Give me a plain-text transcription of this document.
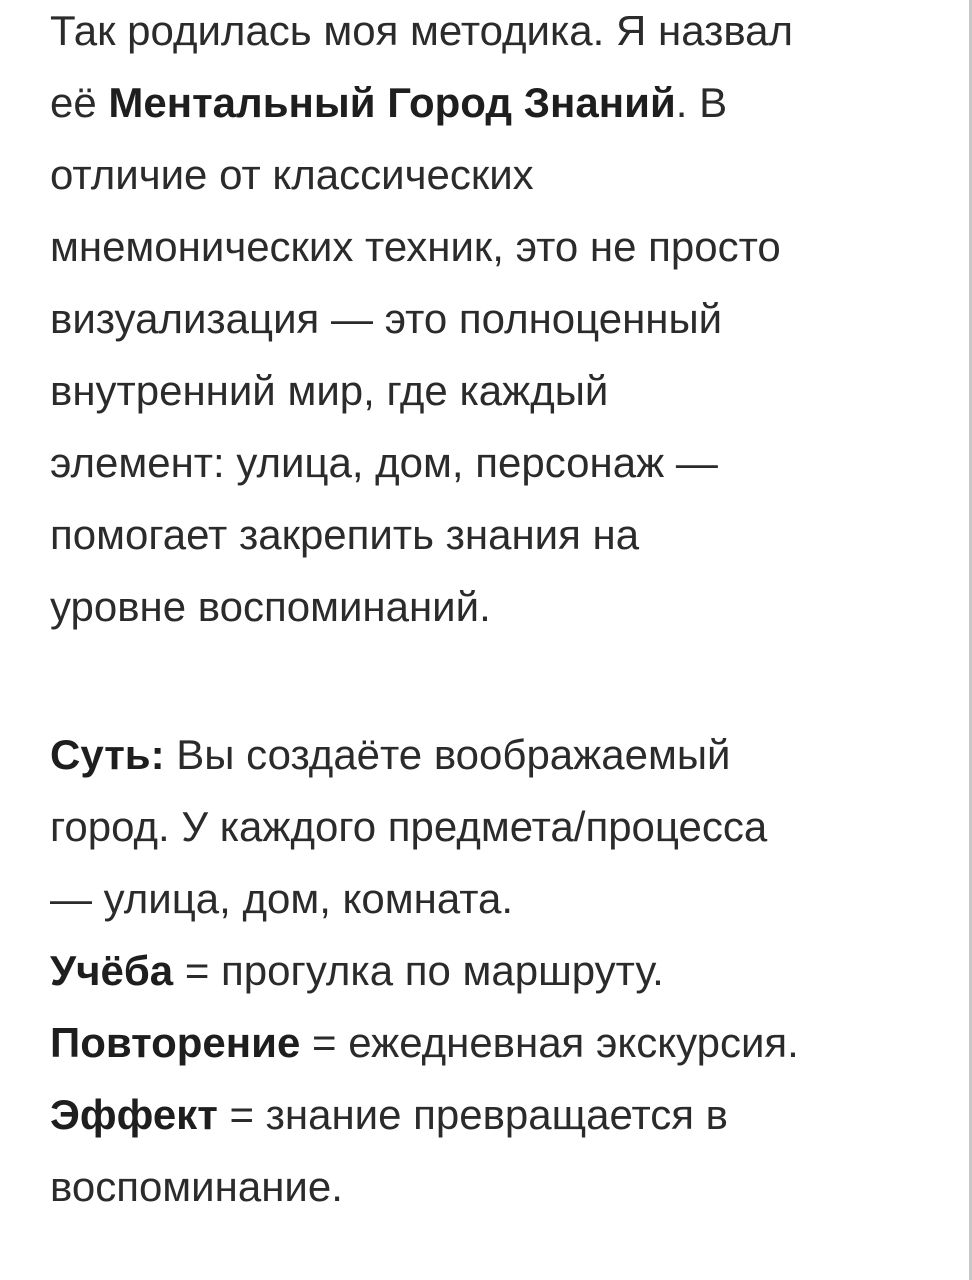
Так родилась моя методика. Я назвал
её Ментальный Город Знаний. В
отличие от классических
мнемонических техник, это не просто
визуализация — это полноценный
внутренний мир, где каждый
элемент: улица, дом, персонаж —
помогает закрепить знания на
уровне воспоминаний.

Суть: Вы создаёте воображаемый
город. У каждого предмета/процесса
— улица, дом, комната.
Учёба = прогулка по маршруту.
Повторение = ежедневная экскурсия.
Эффект = знание превращается в
воспоминание.
